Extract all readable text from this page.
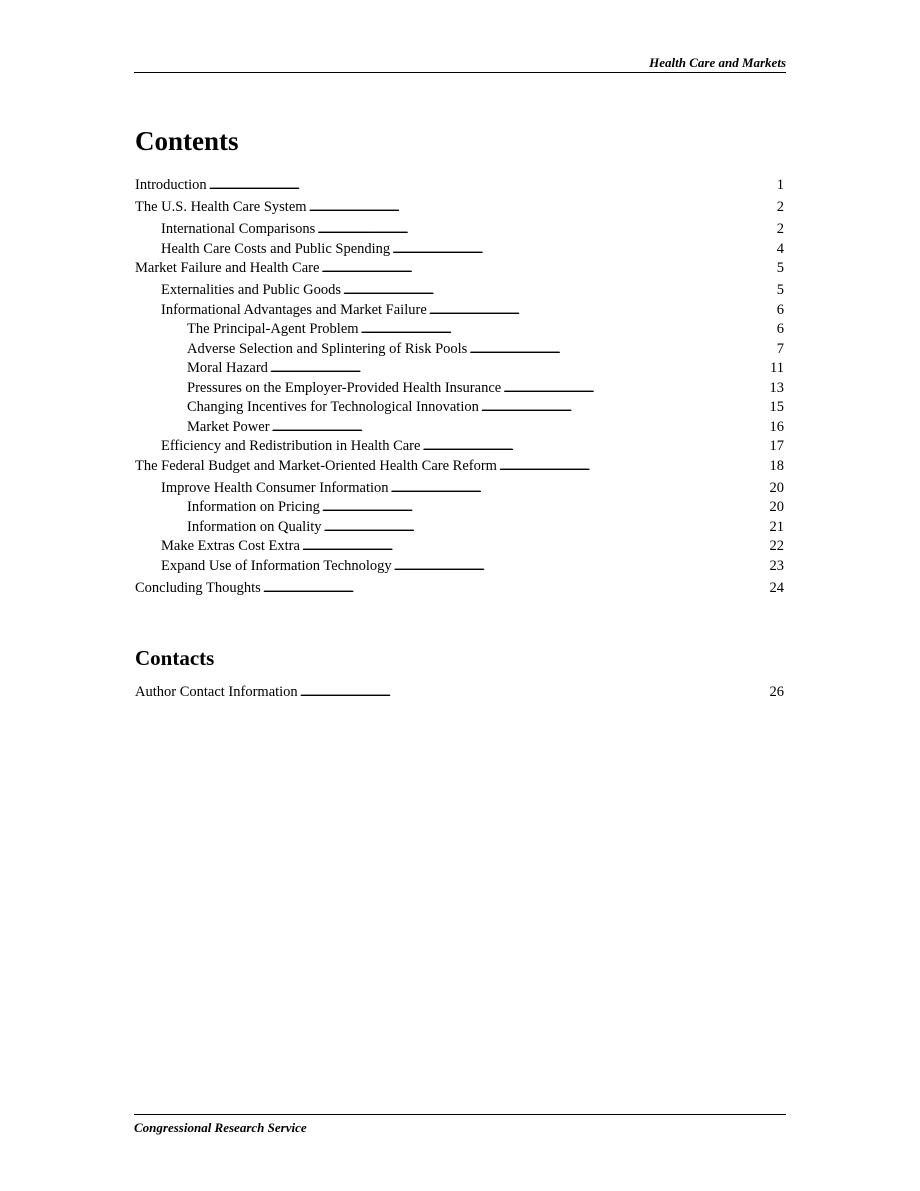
Health Care and Markets
Contents
Introduction . . .	1
The U.S. Health Care System . . .	2
International Comparisons . . .	2
Health Care Costs and Public Spending . . .	4
Market Failure and Health Care . . .	5
Externalities and Public Goods . . .	5
Informational Advantages and Market Failure . . .	6
The Principal-Agent Problem . . .	6
Adverse Selection and Splintering of Risk Pools . . .	7
Moral Hazard . . .	11
Pressures on the Employer-Provided Health Insurance . . .	13
Changing Incentives for Technological Innovation . . .	15
Market Power . . .	16
Efficiency and Redistribution in Health Care . . .	17
The Federal Budget and Market-Oriented Health Care Reform . . .	18
Improve Health Consumer Information . . .	20
Information on Pricing . . .	20
Information on Quality . . .	21
Make Extras Cost Extra . . .	22
Expand Use of Information Technology . . .	23
Concluding Thoughts . . .	24
Contacts
Author Contact Information . . .	26
Congressional Research Service
